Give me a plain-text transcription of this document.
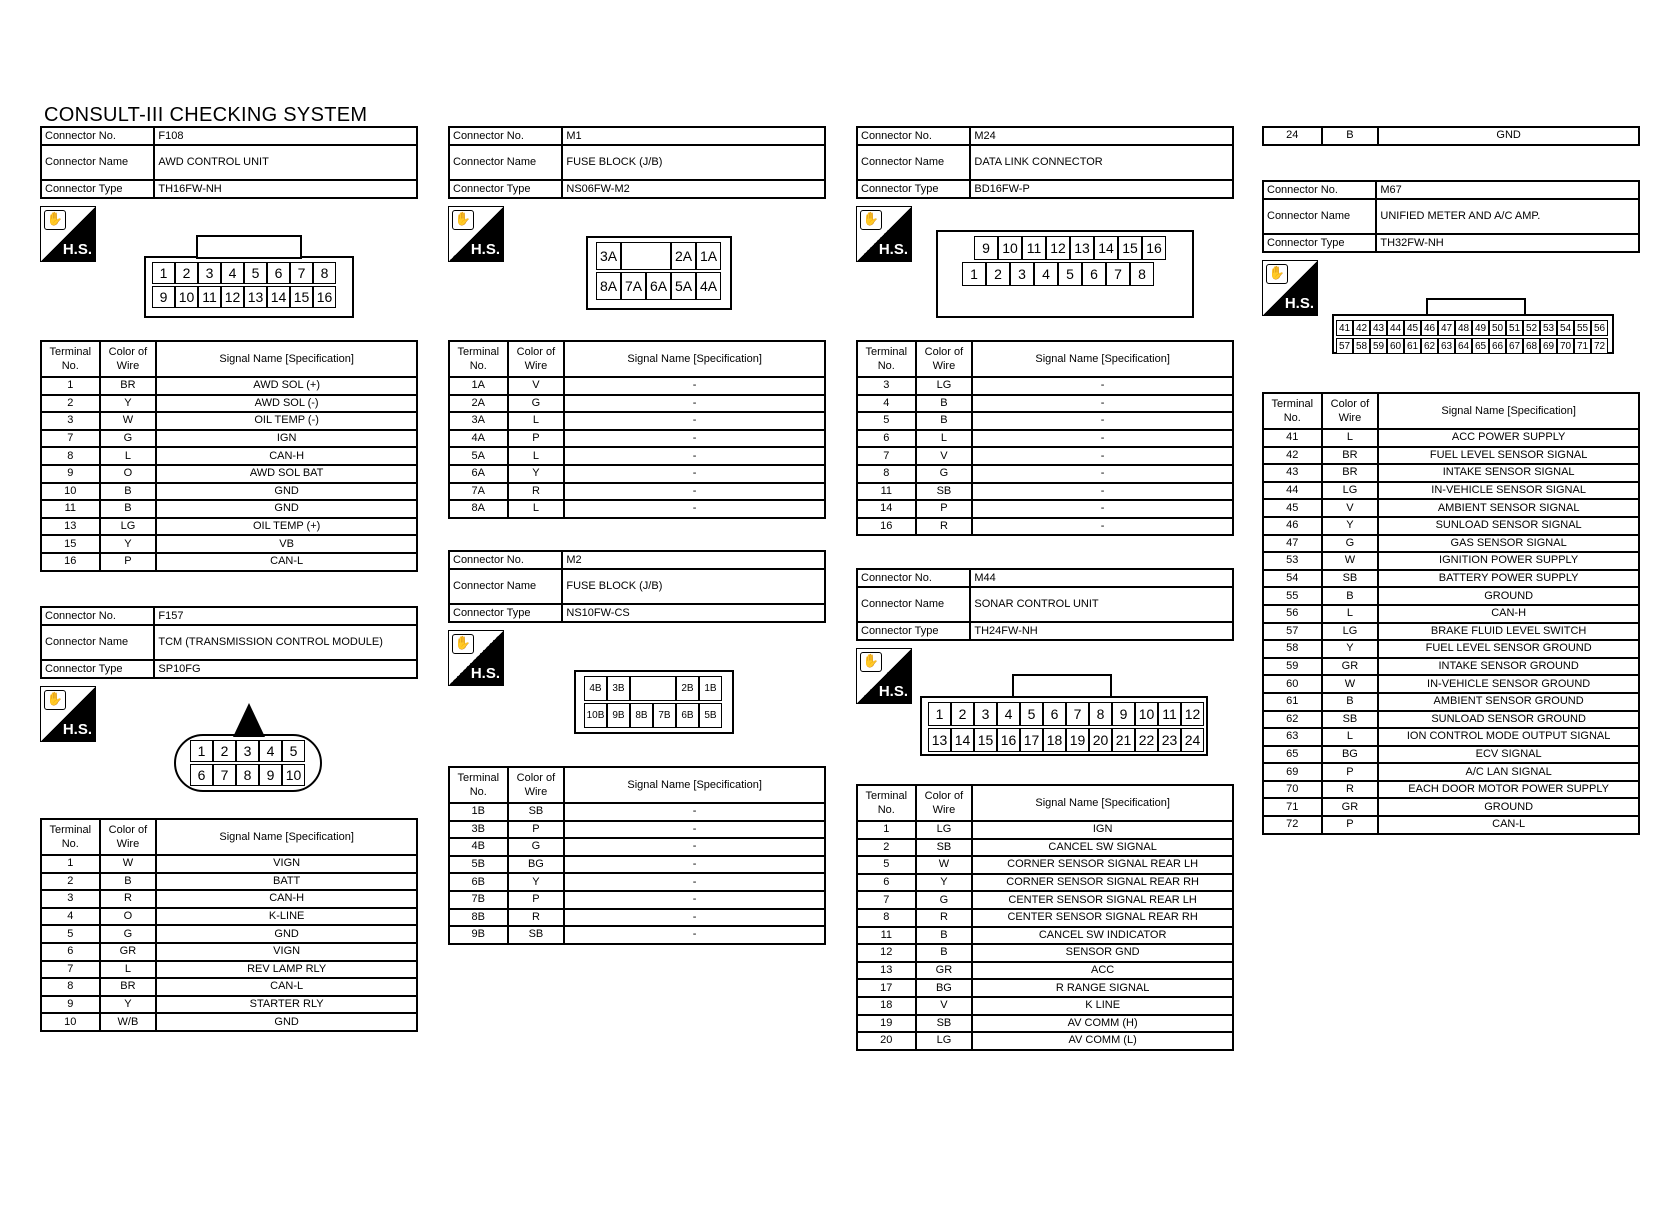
CONSULT-III CHECKING SYSTEM
Connector No.	F108
Connector Name	AWD CONTROL UNIT
Connector Type	TH16FW-NH
✋
H.S.
1	2	3	4	5	6	7	8
9 10 11 12 13 14 15 16
Terminal No.	Color of Wire	Signal Name [Specification]
1	BR	AWD SOL (+)
2	Y	AWD SOL (-)
3	W	OIL TEMP (-)
7	G	IGN
8	L	CAN-H
9	O	AWD SOL BAT
10	B	GND
11	B	GND
13	LG	OIL TEMP (+)
15	Y	VB
16	P	CAN-L
Connector No.	F157
Connector Name	TCM (TRANSMISSION CONTROL MODULE)
Connector Type	SP10FG
✋
H.S.
1	2	3	4	5
6	7	8	9 10
Terminal No.	Color of Wire	Signal Name [Specification]
1	W	VIGN
2	B	BATT
3	R	CAN-H
4	O	K-LINE
5	G	GND
6	GR	VIGN
7	L	REV LAMP RLY
8	BR	CAN-L
9	Y	STARTER RLY
10	W/B	GND
Connector No.	M1
Connector Name	FUSE BLOCK (J/B)
Connector Type	NS06FW-M2
✋
H.S.	3A	2A 1A
8A 7A 6A 5A 4A
Terminal No.	Color of Wire	Signal Name [Specification]
1A	V	-
2A	G	-
3A	L	-
4A	P	-
5A	L	-
6A	Y	-
7A	R	-
8A	L	-
Connector No.	M2
Connector Name	FUSE BLOCK (J/B)
Connector Type	NS10FW-CS
✋
H.S.
4B	3B	2B	1B
10B 9B	8B	7B	6B	5B
Terminal No.	Color of Wire	Signal Name [Specification]
1B	SB	-
3B	P	-
4B	G	-
5B	BG	-
6B	Y	-
7B	P	-
8B	R	-
9B	SB	-
Connector No.	M24
Connector Name	DATA LINK CONNECTOR
Connector Type	BD16FW-P
✋
H.S.	9 10 11 12 13 14 15 16
1	2	3	4	5	6	7	8
Terminal No.	Color of Wire	Signal Name [Specification]
3	LG	-
4	B	-
5	B	-
6	L	-
7	V	-
8	G	-
11	SB	-
14	P	-
16	R	-
Connector No.	M44
Connector Name	SONAR CONTROL UNIT
Connector Type	TH24FW-NH
✋
H.S.
1	2	3	4	5	6	7	8	9 10 11 12
13 14 15 16 17 18 19 20 21 22 23 24
Terminal No.	Color of Wire	Signal Name [Specification]
1	LG	IGN
2	SB	CANCEL SW SIGNAL
5	W	CORNER SENSOR SIGNAL REAR LH
6	Y	CORNER SENSOR SIGNAL REAR RH
7	G	CENTER SENSOR SIGNAL REAR LH
8	R	CENTER SENSOR SIGNAL REAR RH
11	B	CANCEL SW INDICATOR
12	B	SENSOR GND
13	GR	ACC
17	BG	R RANGE SIGNAL
18	V	K LINE
19	SB	AV COMM (H)
20	LG	AV COMM (L)
24	B	GND
Connector No.	M67
Connector Name	UNIFIED METER AND A/C AMP.
Connector Type	TH32FW-NH
✋
H.S.
41 42 43 44 45 46 47 48 49 50 51 52 53 54 55 56
57 58 59 60 61 62 63 64 65 66 67 68 69 70 71 72
Terminal No.	Color of Wire	Signal Name [Specification]
41	L	ACC POWER SUPPLY
42	BR	FUEL LEVEL SENSOR SIGNAL
43	BR	INTAKE SENSOR SIGNAL
44	LG	IN-VEHICLE SENSOR SIGNAL
45	V	AMBIENT SENSOR SIGNAL
46	Y	SUNLOAD SENSOR SIGNAL
47	G	GAS SENSOR SIGNAL
53	W	IGNITION POWER SUPPLY
54	SB	BATTERY POWER SUPPLY
55	B	GROUND
56	L	CAN-H
57	LG	BRAKE FLUID LEVEL SWITCH
58	Y	FUEL LEVEL SENSOR GROUND
59	GR	INTAKE SENSOR GROUND
60	W	IN-VEHICLE SENSOR GROUND
61	B	AMBIENT SENSOR GROUND
62	SB	SUNLOAD SENSOR GROUND
63	L	ION CONTROL MODE OUTPUT SIGNAL
65	BG	ECV SIGNAL
69	P	A/C LAN SIGNAL
70	R	EACH DOOR MOTOR POWER SUPPLY
71	GR	GROUND
72	P	CAN-L
